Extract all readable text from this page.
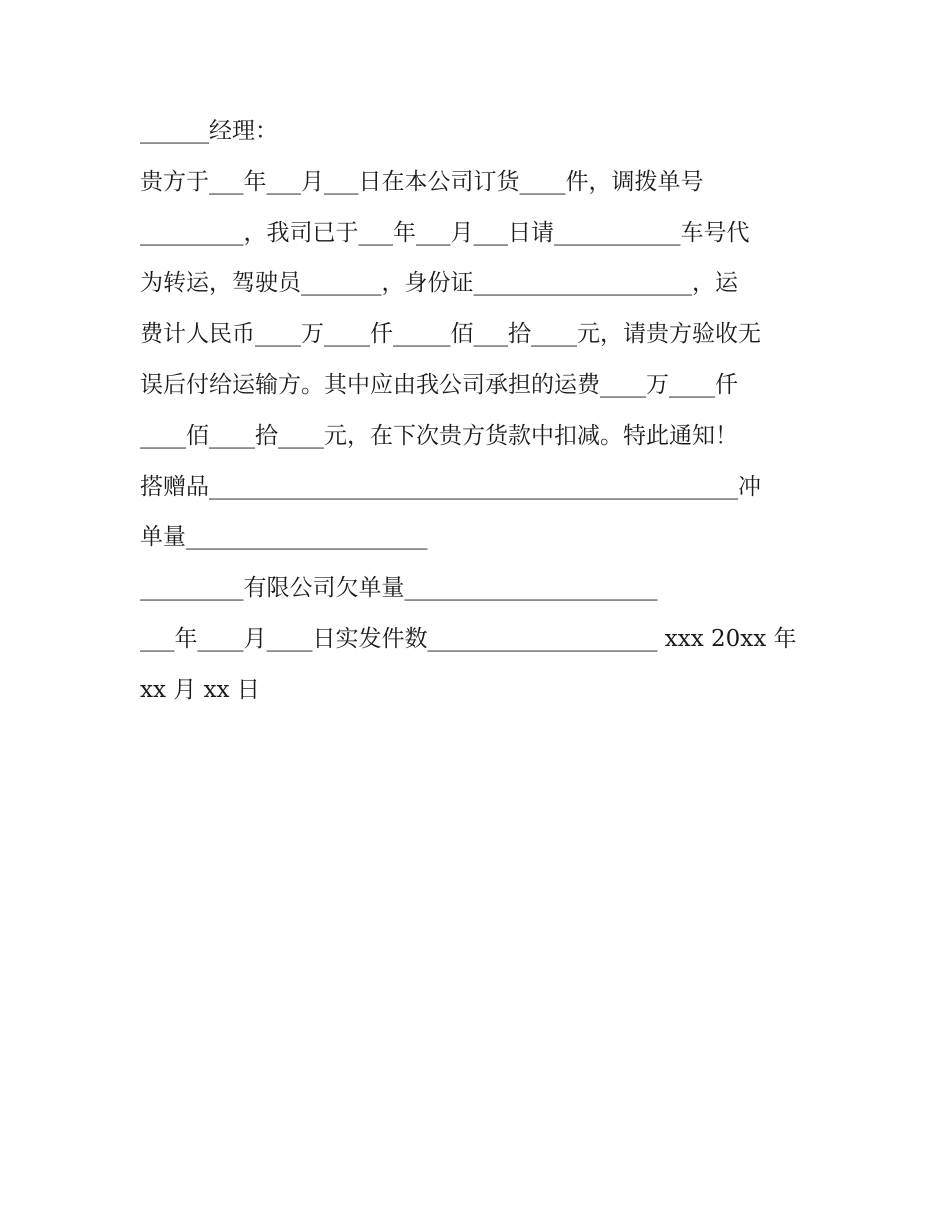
______经理：
贵方于___年___月___日在本公司订货____件，调拨单号
_________，我司已于___年___月___日请___________车号代
为转运，驾驶员_______，身份证___________________，运
费计人民币____万____仟_____佰___拾____元，请贵方验收无
误后付给运输方。其中应由我公司承担的运费____万____仟
____佰____拾____元，在下次贵方货款中扣减。特此通知！
搭赠品______________________________________________冲
单量_____________________
_________有限公司欠单量______________________
___年____月____日实发件数____________________ xxx 20xx 年
xx 月 xx 日
